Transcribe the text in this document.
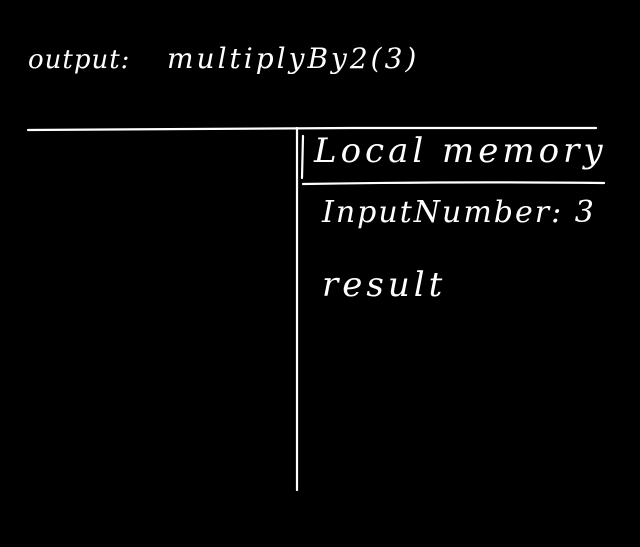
output: multiplyBy2(3)
Local memory
InputNumber: 3
result
